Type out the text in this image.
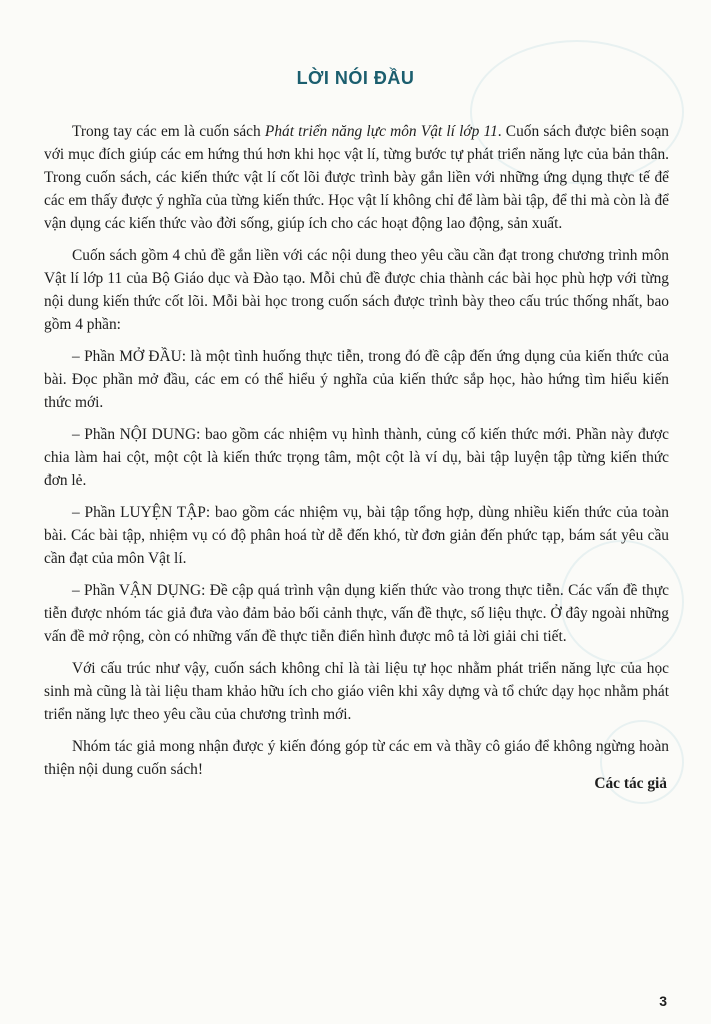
LỜI NÓI ĐẦU

Trong tay các em là cuốn sách Phát triển năng lực môn Vật lí lớp 11. Cuốn sách được biên soạn với mục đích giúp các em hứng thú hơn khi học vật lí, từng bước tự phát triển năng lực của bản thân. Trong cuốn sách, các kiến thức vật lí cốt lõi được trình bày gắn liền với những ứng dụng thực tế để các em thấy được ý nghĩa của từng kiến thức. Học vật lí không chỉ để làm bài tập, để thi mà còn là để vận dụng các kiến thức vào đời sống, giúp ích cho các hoạt động lao động, sản xuất.

Cuốn sách gồm 4 chủ đề gắn liền với các nội dung theo yêu cầu cần đạt trong chương trình môn Vật lí lớp 11 của Bộ Giáo dục và Đào tạo. Mỗi chủ đề được chia thành các bài học phù hợp với từng nội dung kiến thức cốt lõi. Mỗi bài học trong cuốn sách được trình bày theo cấu trúc thống nhất, bao gồm 4 phần:

– Phần MỞ ĐẦU: là một tình huống thực tiễn, trong đó đề cập đến ứng dụng của kiến thức của bài. Đọc phần mở đầu, các em có thể hiểu ý nghĩa của kiến thức sắp học, hào hứng tìm hiểu kiến thức mới.

– Phần NỘI DUNG: bao gồm các nhiệm vụ hình thành, củng cố kiến thức mới. Phần này được chia làm hai cột, một cột là kiến thức trọng tâm, một cột là ví dụ, bài tập luyện tập từng kiến thức đơn lẻ.

– Phần LUYỆN TẬP: bao gồm các nhiệm vụ, bài tập tổng hợp, dùng nhiều kiến thức của toàn bài. Các bài tập, nhiệm vụ có độ phân hoá từ dễ đến khó, từ đơn giản đến phức tạp, bám sát yêu cầu cần đạt của môn Vật lí.

– Phần VẬN DỤNG: Đề cập quá trình vận dụng kiến thức vào trong thực tiễn. Các vấn đề thực tiễn được nhóm tác giả đưa vào đảm bảo bối cảnh thực, vấn đề thực, số liệu thực. Ở đây ngoài những vấn đề mở rộng, còn có những vấn đề thực tiễn điển hình được mô tả lời giải chi tiết.

Với cấu trúc như vậy, cuốn sách không chỉ là tài liệu tự học nhằm phát triển năng lực của học sinh mà cũng là tài liệu tham khảo hữu ích cho giáo viên khi xây dựng và tổ chức dạy học nhằm phát triển năng lực theo yêu cầu của chương trình mới.

Nhóm tác giả mong nhận được ý kiến đóng góp từ các em và thầy cô giáo để không ngừng hoàn thiện nội dung cuốn sách!

Các tác giả
3
